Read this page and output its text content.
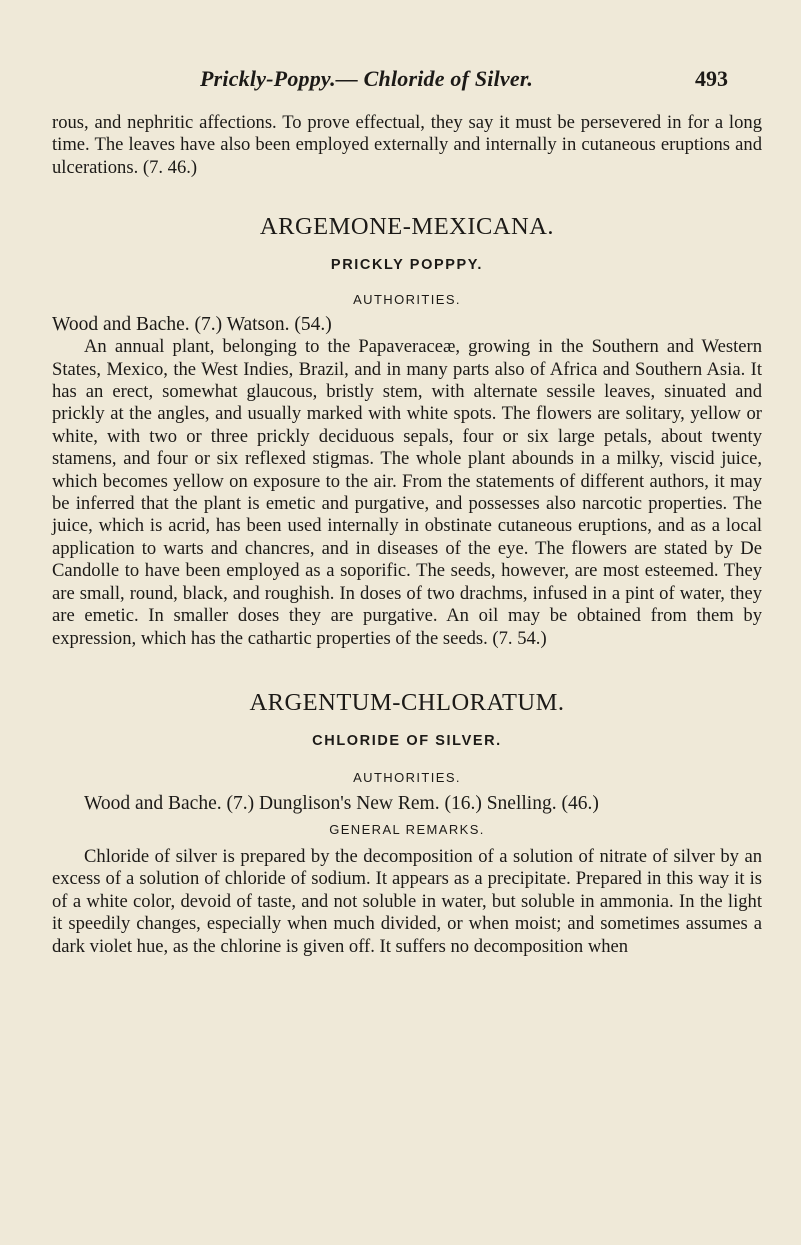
Prickly-Poppy.— Chloride of Silver.	493

rous, and nephritic affections. To prove effectual, they say it must be persevered in for a long time. The leaves have also been employed externally and internally in cutaneous eruptions and ulcerations. (7. 46.)

ARGEMONE-MEXICANA.
PRICKLY POPPPY.
AUTHORITIES.

Wood and Bache. (7.) Watson. (54.)

An annual plant, belonging to the Papaveraceæ, growing in the Southern and Western States, Mexico, the West Indies, Brazil, and in many parts also of Africa and Southern Asia. It has an erect, somewhat glaucous, bristly stem, with alternate sessile leaves, sinuated and prickly at the angles, and usually marked with white spots. The flowers are solitary, yellow or white, with two or three prickly deciduous sepals, four or six large petals, about twenty stamens, and four or six reflexed stigmas. The whole plant abounds in a milky, viscid juice, which becomes yellow on exposure to the air. From the statements of different authors, it may be inferred that the plant is emetic and purgative, and possesses also narcotic properties. The juice, which is acrid, has been used internally in obstinate cutaneous eruptions, and as a local application to warts and chancres, and in diseases of the eye. The flowers are stated by De Candolle to have been employed as a soporific. The seeds, however, are most esteemed. They are small, round, black, and roughish. In doses of two drachms, infused in a pint of water, they are emetic. In smaller doses they are purgative. An oil may be obtained from them by expression, which has the cathartic properties of the seeds. (7. 54.)

ARGENTUM-CHLORATUM.
CHLORIDE OF SILVER.
AUTHORITIES.

Wood and Bache. (7.) Dunglison's New Rem. (16.) Snelling. (46.)

GENERAL REMARKS.

Chloride of silver is prepared by the decomposition of a solution of nitrate of silver by an excess of a solution of chloride of sodium. It appears as a precipitate. Prepared in this way it is of a white color, devoid of taste, and not soluble in water, but soluble in ammonia. In the light it speedily changes, especially when much divided, or when moist; and sometimes assumes a dark violet hue, as the chlorine is given off. It suffers no decomposition when
